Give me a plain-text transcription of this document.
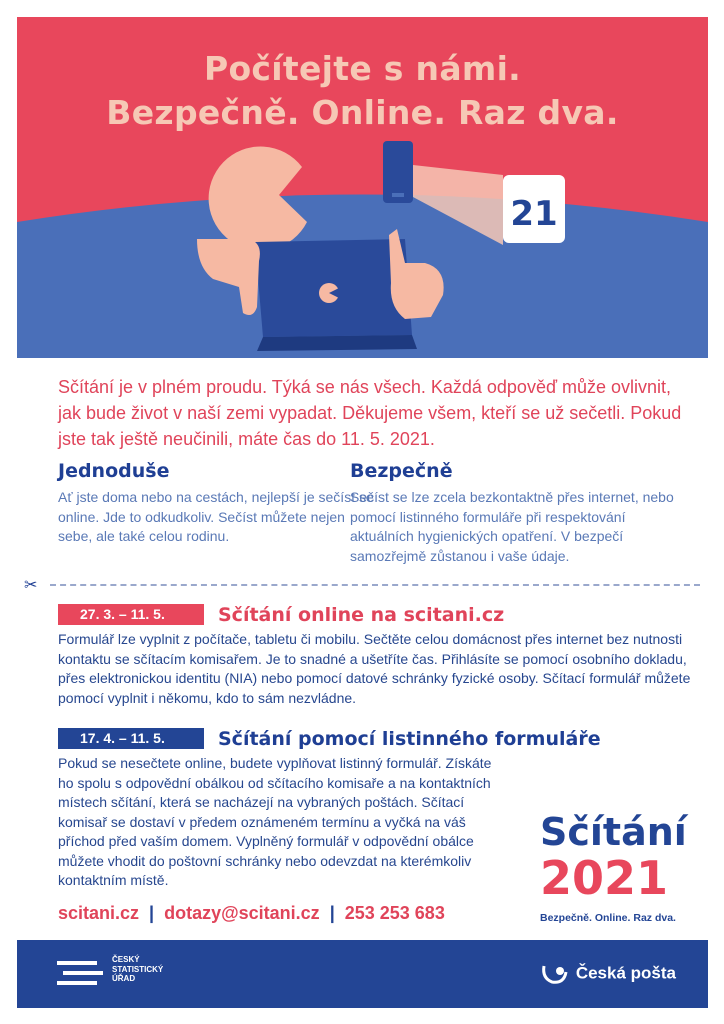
21
Počítejte s námi.
Bezpečně. Online. Raz dva.
Sčítání je v plném proudu. Týká se nás všech. Každá odpověď může ovlivnit, jak bude život v naší zemi vypadat. Děkujeme všem, kteří se už sečetli. Pokud jste tak ještě neučinili, máte čas do 11. 5. 2021.
Jednoduše

Ať jste doma nebo na cestách, nejlepší je sečíst se online. Jde to odkudkoliv. Sečíst můžete nejen sebe, ale také celou rodinu.

Bezpečně

Sečíst se lze zcela bezkontaktně přes internet, nebo pomocí listinného formuláře při respektování aktuálních hygienických opatření. V bezpečí samozřejmě zůstanou i vaše údaje.

✂
27. 3. – 11. 5.	Sčítání online na scitani.cz
Formulář lze vyplnit z počítače, tabletu či mobilu. Sečtěte celou domácnost přes internet bez nutnosti kontaktu se sčítacím komisařem. Je to snadné a ušetříte čas. Přihlásíte se pomocí osobního dokladu, přes elektronickou identitu (NIA) nebo pomocí datové schránky fyzické osoby. Sčítací formulář můžete pomocí vyplnit i někomu, kdo to sám nezvládne.
17. 4. – 11. 5.	Sčítání pomocí listinného formuláře
Pokud se nesečtete online, budete vyplňovat listinný formulář. Získáte ho spolu s odpovědní obálkou od sčítacího komisaře a na kontaktních místech sčítání, která se nacházejí na vybraných poštách. Sčítací komisař se dostaví v předem oznámeném termínu a vyčká na váš příchod před vaším domem. Vyplněný formulář v odpovědní obálce můžete vhodit do poštovní schránky nebo odevzdat na kterémkoliv kontaktním místě.
scitani.cz | dotazy@scitani.cz | 253 253 683
Sčítání
2021
Bezpečně. Online. Raz dva.
ČESKÝ
STATISTICKÝ
ÚŘAD	Česká pošta
